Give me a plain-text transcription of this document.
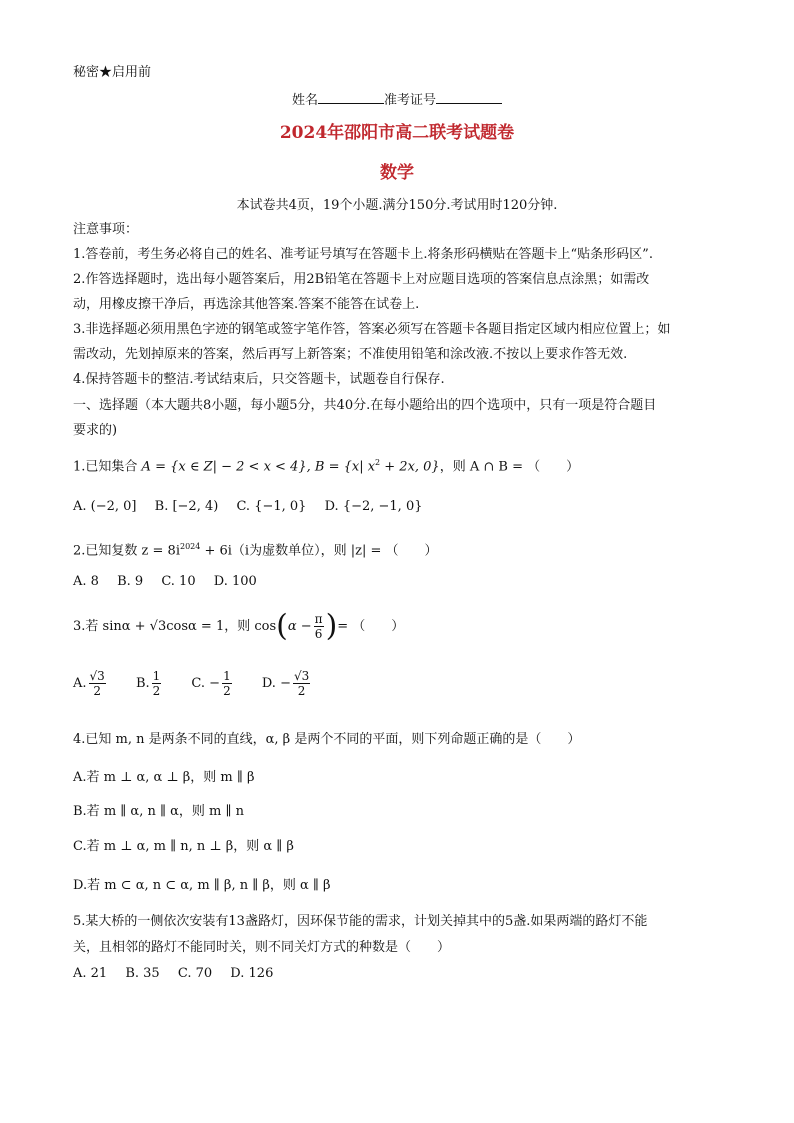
秘密★启用前
姓名	准考证号
2024年邵阳市高二联考试题卷
数学
本试卷共4页，19个小题.满分150分.考试用时120分钟.
注意事项：
1.答卷前，考生务必将自己的姓名、准考证号填写在答题卡上.将条形码横贴在答题卡上“贴条形码区”.
2.作答选择题时，选出每小题答案后，用2B铅笔在答题卡上对应题目选项的答案信息点涂黑；如需改
动，用橡皮擦干净后，再选涂其他答案.答案不能答在试卷上.
3.非选择题必须用黑色字迹的钢笔或签字笔作答，答案必须写在答题卡各题目指定区域内相应位置上；如
需改动，先划掉原来的答案，然后再写上新答案；不准使用铅笔和涂改液.不按以上要求作答无效.
4.保持答题卡的整洁.考试结束后，只交答题卡，试题卷自行保存.
一、选择题（本大题共8小题，每小题5分，共40分.在每小题给出的四个选项中，只有一项是符合题目
要求的)
1.已知集合 A = {x ∈ Z| − 2 < x < 4}, B = {x| $x^2 + 2x$, 0}，则 A ∩ B = （　　）
A. (−2, 0] B. [−2, 4) C. {−1, 0} D. {−2, −1, 0}
2.已知复数 $z = 8i^{2024} + 6i(i$为虚数单位），则 |z| = （　　）
A. 8 B. 9 C. 10 D. 100
3.若 sinα + √3cosα = 1，则 $\cos(\alpha - \frac{\pi}{6}$ )= （　　）
A. $\frac{√3}{2} B$. $\frac{1}{2} C$. − $\frac{1}{2} D$. − $\frac{√3}{2}$
4.已知 m, n 是两条不同的直线，α, β 是两个不同的平面，则下列命题正确的是（　　）
A.若 m ⊥ α, α ⊥ β，则 m ∥ β
B.若 m ∥ α, n ∥ α，则 m ∥ n
C.若 m ⊥ α, m ∥ n, n ⊥ β，则 α ∥ β
D.若 m ⊂ α, n ⊂ α, m ∥ β, n ∥ β，则 α ∥ β
5.某大桥的一侧依次安装有13盏路灯，因环保节能的需求，计划关掉其中的5盏.如果两端的路灯不能
关，且相邻的路灯不能同时关，则不同关灯方式的种数是（　　）
A. 21 B. 35 C. 70 D. 126
